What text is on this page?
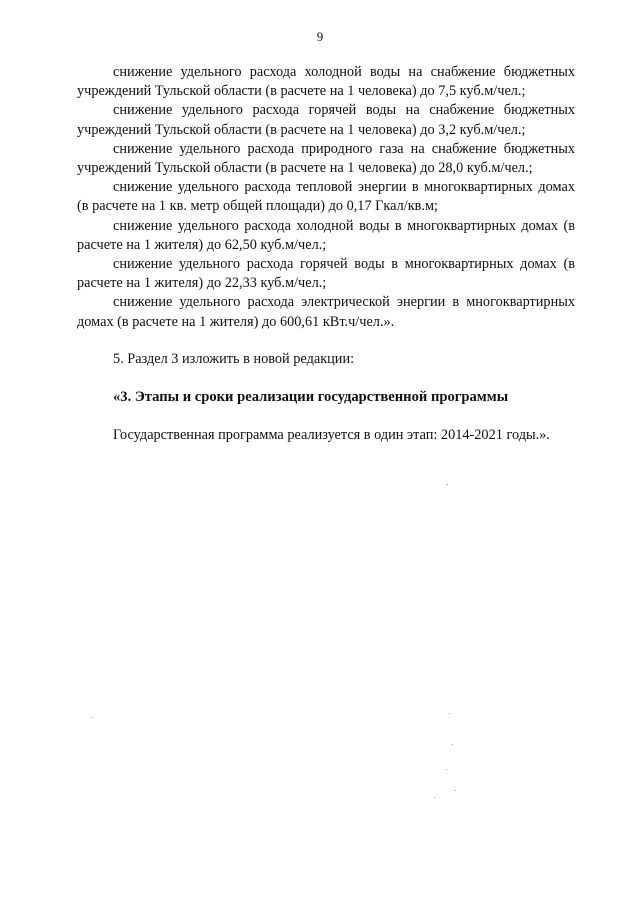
9

снижение удельного расхода холодной воды на снабжение бюджетных учреждений Тульской области (в расчете на 1 человека) до 7,5 куб.м/чел.;

снижение удельного расхода горячей воды на снабжение бюджетных учреждений Тульской области (в расчете на 1 человека) до 3,2 куб.м/чел.;

снижение удельного расхода природного газа на снабжение бюджетных учреждений Тульской области (в расчете на 1 человека) до 28,0 куб.м/чел.;

снижение удельного расхода тепловой энергии в многоквартирных домах (в расчете на 1 кв. метр общей площади) до 0,17 Гкал/кв.м;

снижение удельного расхода холодной воды в многоквартирных домах (в расчете на 1 жителя) до 62,50 куб.м/чел.;

снижение удельного расхода горячей воды в многоквартирных домах (в расчете на 1 жителя) до 22,33 куб.м/чел.;

снижение удельного расхода электрической энергии в многоквартирных домах (в расчете на 1 жителя) до 600,61 кВт.ч/чел.».

5. Раздел 3 изложить в новой редакции:

«3. Этапы и сроки реализации государственной программы

Государственная программа реализуется в один этап: 2014-2021 годы.».
